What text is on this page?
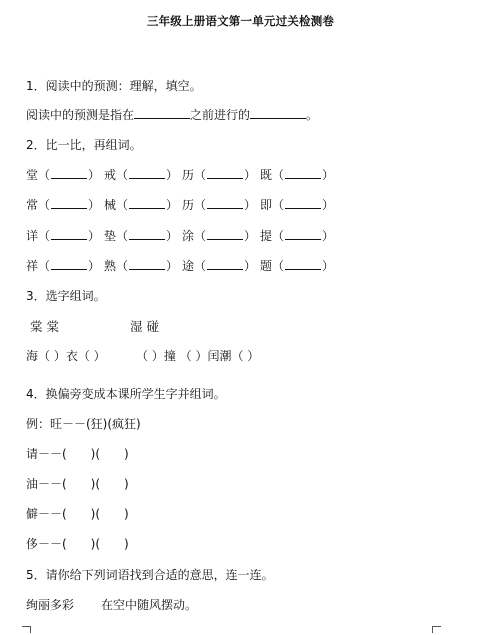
三年级上册语文第一单元过关检测卷
1．阅读中的预测：理解，填空。
阅读中的预测是指在	之前进行的	。
2．比一比，再组词。
堂（	） 戒（	） 历（	） 既（	）
常（	） 械（	） 历（	） 即（	）
详（	） 垫（	） 涂（	） 提（	）
祥（	） 熟（	） 途（	） 题（	）
3．选字组词。
棠 棠	湿 碰
海（ ）衣（ ）	（ ）撞 （ ）闰潮（ ）
4．换偏旁变成本课所学生字并组词。
例：旺－－(狂)(疯狂)
请－－(　　)(　　)
油－－(　　)(　　)
僻－－(　　)(　　)
侈－－(　　)(　　)
5．请你给下列词语找到合适的意思，连一连。
绚丽多彩 在空中随风摆动。
